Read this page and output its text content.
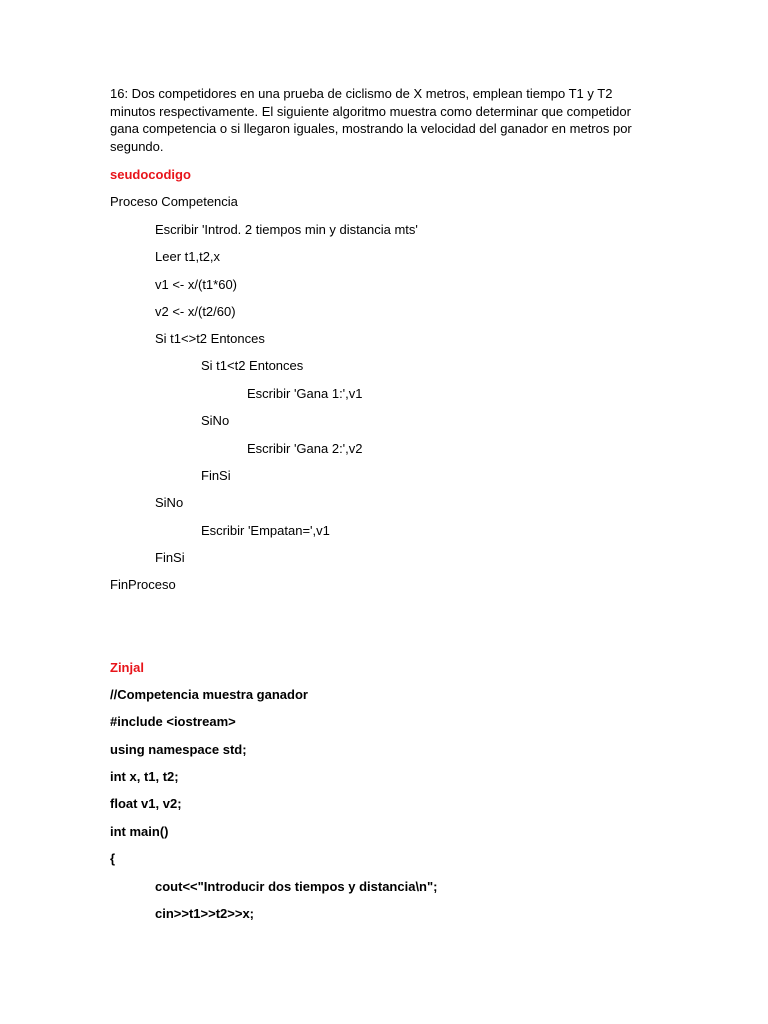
16: Dos competidores en una prueba de ciclismo de X metros, emplean tiempo T1 y T2 minutos respectivamente. El siguiente algoritmo muestra como determinar que competidor gana competencia o si llegaron iguales, mostrando la velocidad del ganador en metros por segundo.
seudocodigo
Proceso Competencia
Escribir 'Introd. 2 tiempos min y distancia mts'
Leer t1,t2,x
v1 <- x/(t1*60)
v2 <- x/(t2/60)
Si t1<>t2 Entonces
Si t1<t2 Entonces
Escribir 'Gana 1:',v1
SiNo
Escribir 'Gana 2:',v2
FinSi
SiNo
Escribir 'Empatan=',v1
FinSi
FinProceso
Zinjal
//Competencia muestra ganador
#include <iostream>
using namespace std;
int x, t1, t2;
float v1, v2;
int main()
{
cout<<"Introducir dos tiempos y distancia\n";
cin>>t1>>t2>>x;
